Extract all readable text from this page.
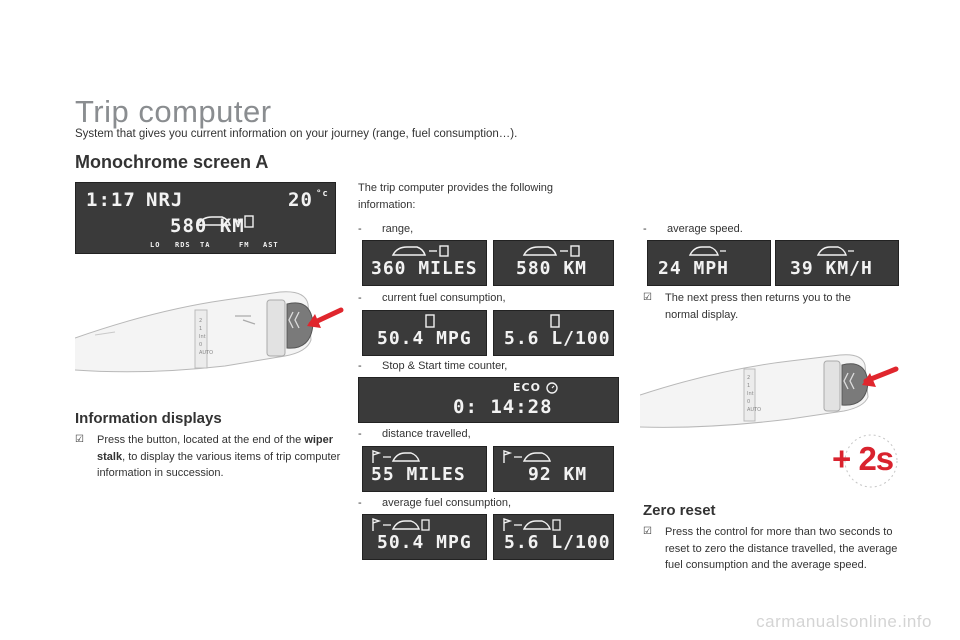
Trip computer
System that gives you current information on your journey (range, fuel consumption…).
Monochrome screen A
1:17 NRJ	20 °c
580 KM
LO RDS TA	FM AST
2
1
Int
0
AUTO
Information displays
☑ Press the button, located at the end of the wiper stalk, to display the various items of trip computer information in succession.
The trip computer provides the following information:
- range,
360 MILES 580 KM
- current fuel consumption,
50.4 MPG 5.6 L/100
- Stop & Start time counter,
ECO
0: 14:28
- distance travelled,
55 MILES	92 KM
- average fuel consumption,
50.4 MPG 5.6 L/100
- average speed.
24 MPH	39 KM/H
☑ The next press then returns you to the normal display.
2
1
Int
0
AUTO
+ 2s
Zero reset
☑ Press the control for more than two seconds to reset to zero the distance travelled, the average fuel consumption and the average speed.
carmanualsonline.info
